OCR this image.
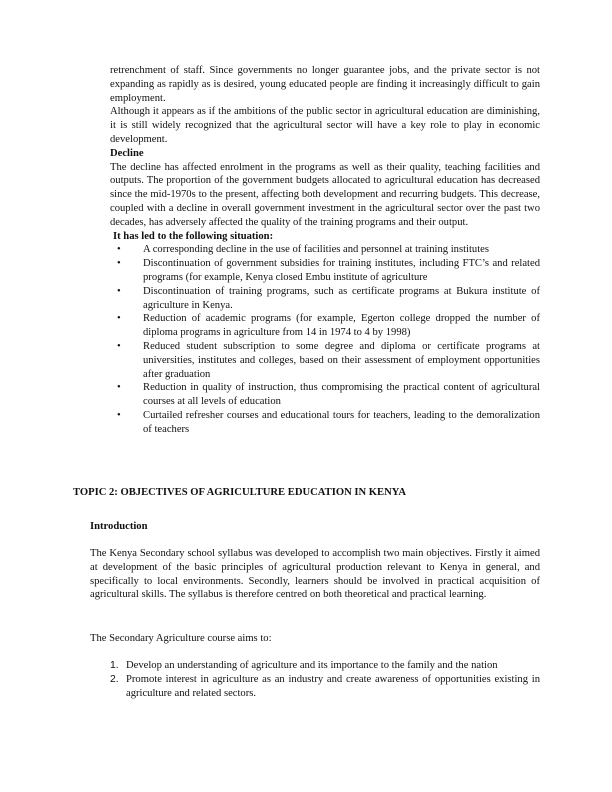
retrenchment of staff. Since governments no longer guarantee jobs, and the private sector is not expanding as rapidly as is desired, young educated people are finding it increasingly difficult to gain employment.

Although it appears as if the ambitions of the public sector in agricultural education are diminishing, it is still widely recognized that the agricultural sector will have a key role to play in economic development.

Decline

The decline has affected enrolment in the programs as well as their quality, teaching facilities and outputs. The proportion of the government budgets allocated to agricultural education has decreased since the mid-1970s to the present, affecting both development and recurring budgets. This decrease, coupled with a decline in overall government investment in the agricultural sector over the past two decades, has adversely affected the quality of the training programs and their output.

It has led to the following situation:

• A corresponding decline in the use of facilities and personnel at training institutes
• Discontinuation of government subsidies for training institutes, including FTC’s and related programs (for example, Kenya closed Embu institute of agriculture
• Discontinuation of training programs, such as certificate programs at Bukura institute of agriculture in Kenya.
• Reduction of academic programs (for example, Egerton college dropped the number of diploma programs in agriculture from 14 in 1974 to 4 by 1998)
• Reduced student subscription to some degree and diploma or certificate programs at universities, institutes and colleges, based on their assessment of employment opportunities after graduation
• Reduction in quality of instruction, thus compromising the practical content of agricultural courses at all levels of education
• Curtailed refresher courses and educational tours for teachers, leading to the demoralization of teachers
TOPIC 2: OBJECTIVES OF AGRICULTURE EDUCATION IN KENYA
Introduction

The Kenya Secondary school syllabus was developed to accomplish two main objectives. Firstly it aimed at development of the basic principles of agricultural production relevant to Kenya in general, and specifically to local environments. Secondly, learners should be involved in practical acquisition of agricultural skills. The syllabus is therefore centred on both theoretical and practical learning.

The Secondary Agriculture course aims to:
1. Develop an understanding of agriculture and its importance to the family and the nation
2. Promote interest in agriculture as an industry and create awareness of opportunities existing in agriculture and related sectors.
